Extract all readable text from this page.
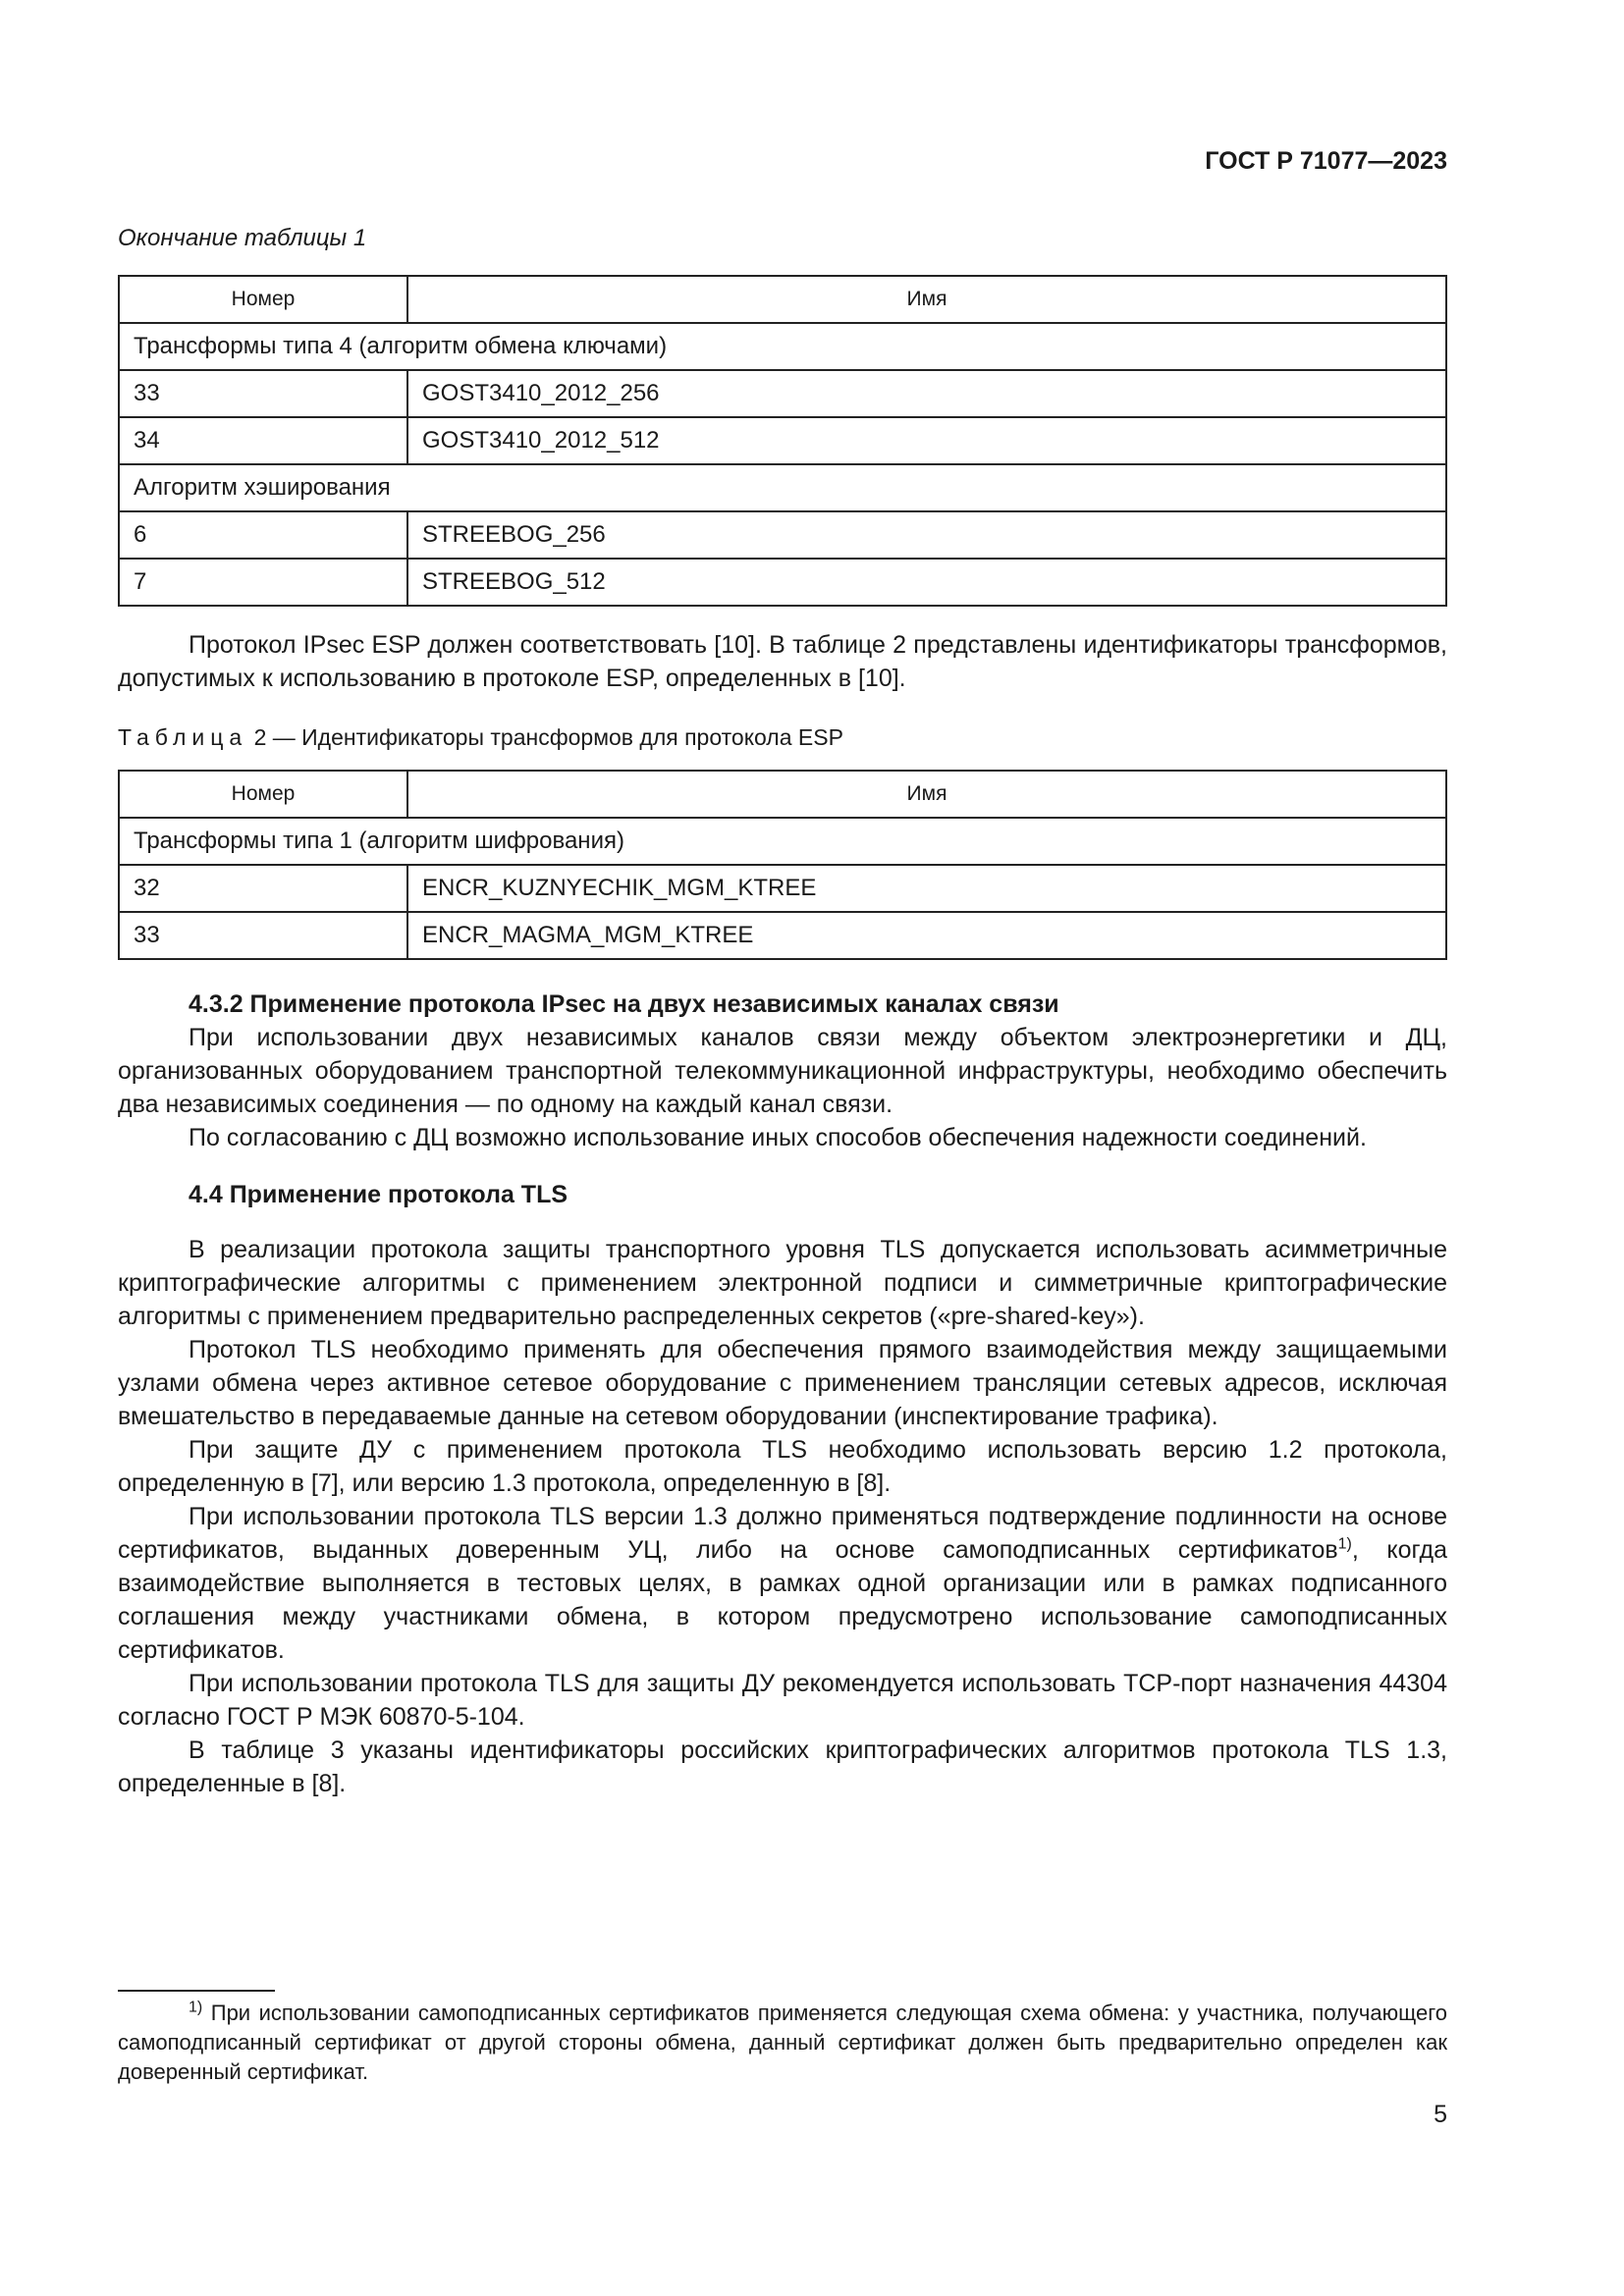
ГОСТ Р 71077—2023
Окончание таблицы 1
Номер	Имя
Трансформы типа 4 (алгоритм обмена ключами)	
33	GOST3410_2012_256
34	GOST3410_2012_512
Алгоритм хэширования	
6	STREEBOG_256
7	STREEBOG_512

Протокол IPsec ESP должен соответствовать [10]. В таблице 2 представлены идентификаторы трансформов, допустимых к использованию в протоколе ESP, определенных в [10].

Таблица 2 — Идентификаторы трансформов для протокола ESP
Номер	Имя
Трансформы типа 1 (алгоритм шифрования)	
32	ENCR_KUZNYECHIK_MGM_KTREE
33	ENCR_MAGMA_MGM_KTREE
4.3.2 Применение протокола IPsec на двух независимых каналах связи

При использовании двух независимых каналов связи между объектом электроэнергетики и ДЦ, организованных оборудованием транспортной телекоммуникационной инфраструктуры, необходимо обеспечить два независимых соединения — по одному на каждый канал связи.

По согласованию с ДЦ возможно использование иных способов обеспечения надежности соединений.

4.4 Применение протокола TLS

В реализации протокола защиты транспортного уровня TLS допускается использовать асимметричные криптографические алгоритмы с применением электронной подписи и симметричные криптографические алгоритмы с применением предварительно распределенных секретов («pre-shared-key»).

Протокол TLS необходимо применять для обеспечения прямого взаимодействия между защищаемыми узлами обмена через активное сетевое оборудование с применением трансляции сетевых адресов, исключая вмешательство в передаваемые данные на сетевом оборудовании (инспектирование трафика).

При защите ДУ с применением протокола TLS необходимо использовать версию 1.2 протокола, определенную в [7], или версию 1.3 протокола, определенную в [8].

При использовании протокола TLS версии 1.3 должно применяться подтверждение подлинности на основе сертификатов, выданных доверенным УЦ, либо на основе самоподписанных сертификатов$^{1)}$, когда взаимодействие выполняется в тестовых целях, в рамках одной организации или в рамках подписанного соглашения между участниками обмена, в котором предусмотрено использование самоподписанных сертификатов.

При использовании протокола TLS для защиты ДУ рекомендуется использовать TCP-порт назначения 44304 согласно ГОСТ Р МЭК 60870-5-104.

В таблице 3 указаны идентификаторы российских криптографических алгоритмов протокола TLS 1.3, определенные в [8].

$^{1)}$ При использовании самоподписанных сертификатов применяется следующая схема обмена: у участника, получающего самоподписанный сертификат от другой стороны обмена, данный сертификат должен быть предварительно определен как доверенный сертификат.

5
